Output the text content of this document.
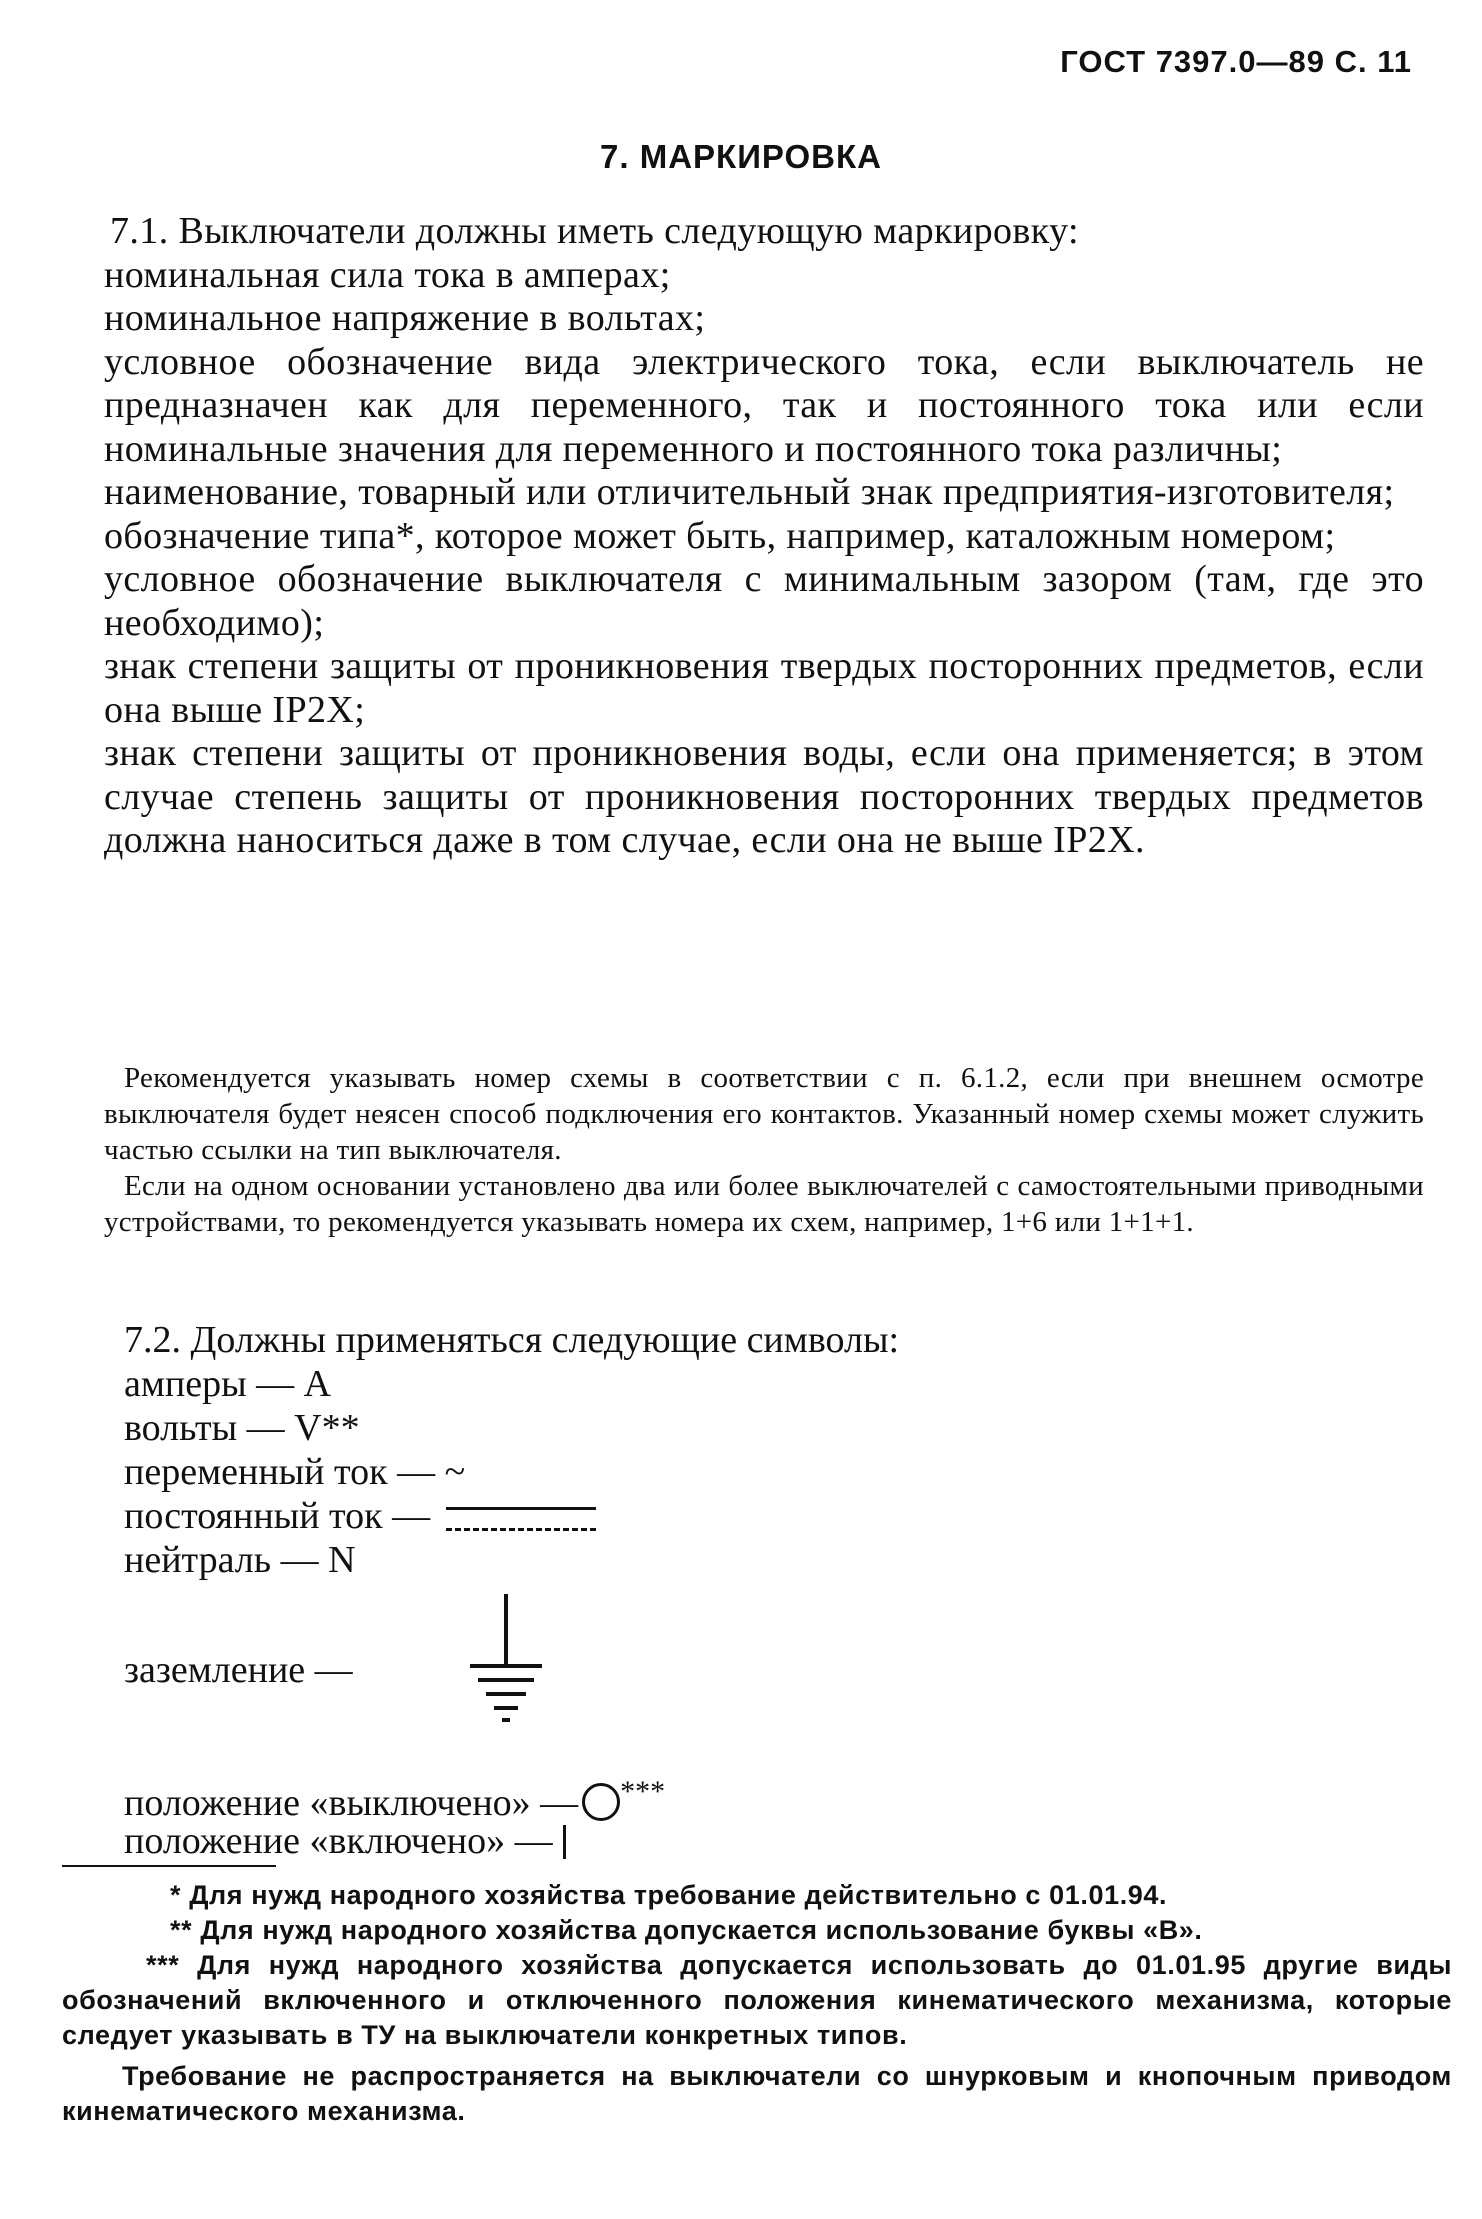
ГОСТ 7397.0—89 С. 11
7. МАРКИРОВКА

7.1. Выключатели должны иметь следующую маркировку:

номинальная сила тока в амперах;

номинальное напряжение в вольтах;

условное обозначение вида электрического тока, если выключатель не предназначен как для переменного, так и постоянного тока или если номинальные значения для переменного и постоянного тока различны;

наименование, товарный или отличительный знак предприятия-изготовителя;

обозначение типа*, которое может быть, например, каталожным номером;

условное обозначение выключателя с минимальным зазором (там, где это необходимо);

знак степени защиты от проникновения твердых посторонних предметов, если она выше IP2X;

знак степени защиты от проникновения воды, если она применяется; в этом случае степень защиты от проникновения посторонних твердых предметов должна наноситься даже в том случае, если она не выше IP2X.

Рекомендуется указывать номер схемы в соответствии с п. 6.1.2, если при внешнем осмотре выключателя будет неясен способ подключения его контактов. Указанный номер схемы может служить частью ссылки на тип выключателя.

Если на одном основании установлено два или более выключателей с самостоятельными приводными устройствами, то рекомендуется указывать номера их схем, например, 1+6 или 1+1+1.

7.2. Должны применяться следующие символы:
амперы — A
вольты — V**
переменный ток — ~
постоянный ток —
нейтраль — N
заземление —
положение «выключено» — ***
положение «включено» —

* Для нужд народного хозяйства требование действительно с 01.01.94.

** Для нужд народного хозяйства допускается использование буквы «В».

*** Для нужд народного хозяйства допускается использовать до 01.01.95 другие виды обозначений включенного и отключенного положения кинематического механизма, которые следует указывать в ТУ на выключатели конкретных типов.

Требование не распространяется на выключатели со шнурковым и кнопочным приводом кинематического механизма.
